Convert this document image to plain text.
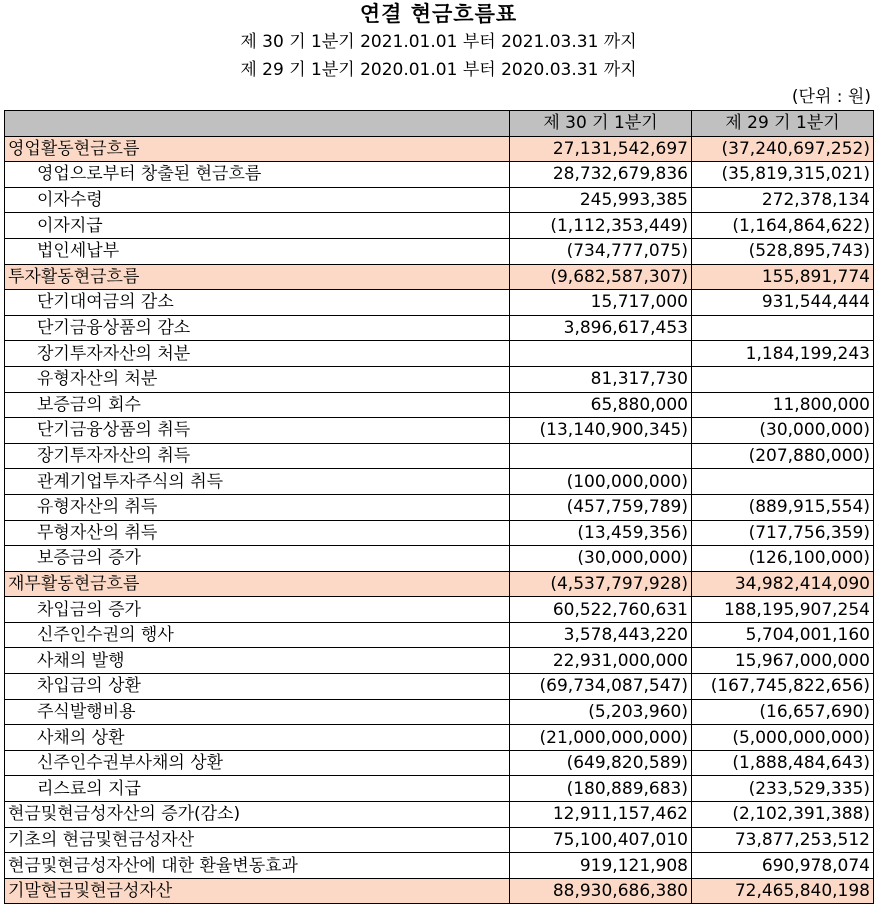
연결 현금흐름표
제 30 기 1분기 2021.01.01 부터 2021.03.31 까지
제 29 기 1분기 2020.01.01 부터 2020.03.31 까지
(단위 : 원)
	제 30 기 1분기	제 29 기 1분기
영업활동현금흐름	27,131,542,697	(37,240,697,252)
영업으로부터 창출된 현금흐름	28,732,679,836	(35,819,315,021)
이자수령	245,993,385	272,378,134
이자지급	(1,112,353,449)	(1,164,864,622)
법인세납부	(734,777,075)	(528,895,743)
투자활동현금흐름	(9,682,587,307)	155,891,774
단기대여금의 감소	15,717,000	931,544,444
단기금융상품의 감소	3,896,617,453	
장기투자자산의 처분		1,184,199,243
유형자산의 처분	81,317,730	
보증금의 회수	65,880,000	11,800,000
단기금융상품의 취득	(13,140,900,345)	(30,000,000)
장기투자자산의 취득		(207,880,000)
관계기업투자주식의 취득	(100,000,000)	
유형자산의 취득	(457,759,789)	(889,915,554)
무형자산의 취득	(13,459,356)	(717,756,359)
보증금의 증가	(30,000,000)	(126,100,000)
재무활동현금흐름	(4,537,797,928)	34,982,414,090
차입금의 증가	60,522,760,631	188,195,907,254
신주인수권의 행사	3,578,443,220	5,704,001,160
사채의 발행	22,931,000,000	15,967,000,000
차입금의 상환	(69,734,087,547)	(167,745,822,656)
주식발행비용	(5,203,960)	(16,657,690)
사채의 상환	(21,000,000,000)	(5,000,000,000)
신주인수권부사채의 상환	(649,820,589)	(1,888,484,643)
리스료의 지급	(180,889,683)	(233,529,335)
현금및현금성자산의 증가(감소)	12,911,157,462	(2,102,391,388)
기초의 현금및현금성자산	75,100,407,010	73,877,253,512
현금및현금성자산에 대한 환율변동효과	919,121,908	690,978,074
기말현금및현금성자산	88,930,686,380	72,465,840,198
